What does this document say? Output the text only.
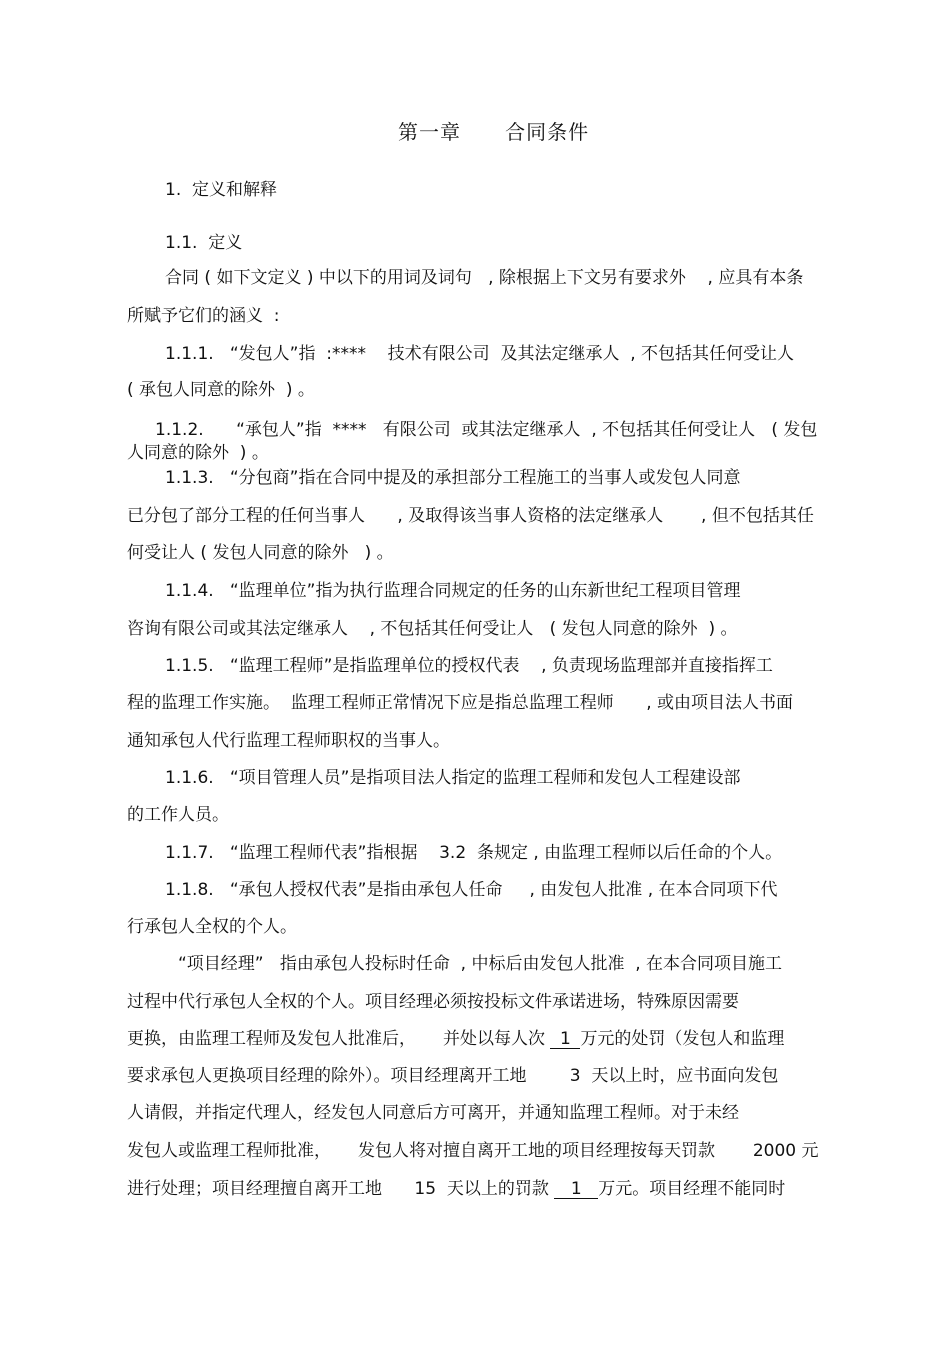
第一章      合同条件
1.  定义和解释
1.1.  定义
合同 ( 如下文定义 ) 中以下的用词及词句   , 除根据上下文另有要求外    , 应具有本条
所赋予它们的涵义  :
1.1.1.   “发包人”指  :****    技术有限公司  及其法定继承人  , 不包括其任何受让人
( 承包人同意的除外  ) 。
1.1.2.      “承包人”指  ****   有限公司  或其法定继承人  , 不包括其任何受让人   ( 发包
人同意的除外  ) 。
1.1.3.   “分包商”指在合同中提及的承担部分工程施工的当事人或发包人同意
已分包了部分工程的任何当事人      , 及取得该当事人资格的法定继承人       , 但不包括其任
何受让人 ( 发包人同意的除外   ) 。
1.1.4.   “监理单位”指为执行监理合同规定的任务的山东新世纪工程项目管理
咨询有限公司或其法定继承人    , 不包括其任何受让人   ( 发包人同意的除外  ) 。
1.1.5.   “监理工程师”是指监理单位的授权代表    , 负责现场监理部并直接指挥工
程的监理工作实施。  监理工程师正常情况下应是指总监理工程师      , 或由项目法人书面
通知承包人代行监理工程师职权的当事人。
1.1.6.   “项目管理人员”是指项目法人指定的监理工程师和发包人工程建设部
的工作人员。
1.1.7.   “监理工程师代表”指根据    3.2  条规定 , 由监理工程师以后任命的个人。
1.1.8.   “承包人授权代表”是指由承包人任命     , 由发包人批准 , 在本合同项下代
行承包人全权的个人。
“项目经理”   指由承包人投标时任命  , 中标后由发包人批准  , 在本合同项目施工
过程中代行承包人全权的个人。项目经理必须按投标文件承诺进场，特殊原因需要
更换，由监理工程师及发包人批准后，     并处以每人次 1 万元的处罚（发包人和监理
要求承包人更换项目经理的除外）。项目经理离开工地        3  天以上时，应书面向发包
人请假，并指定代理人，经发包人同意后方可离开，并通知监理工程师。对于未经
发包人或监理工程师批准，     发包人将对擅自离开工地的项目经理按每天罚款       2000 元
进行处理；项目经理擅自离开工地      15  天以上的罚款 1 万元。项目经理不能同时
